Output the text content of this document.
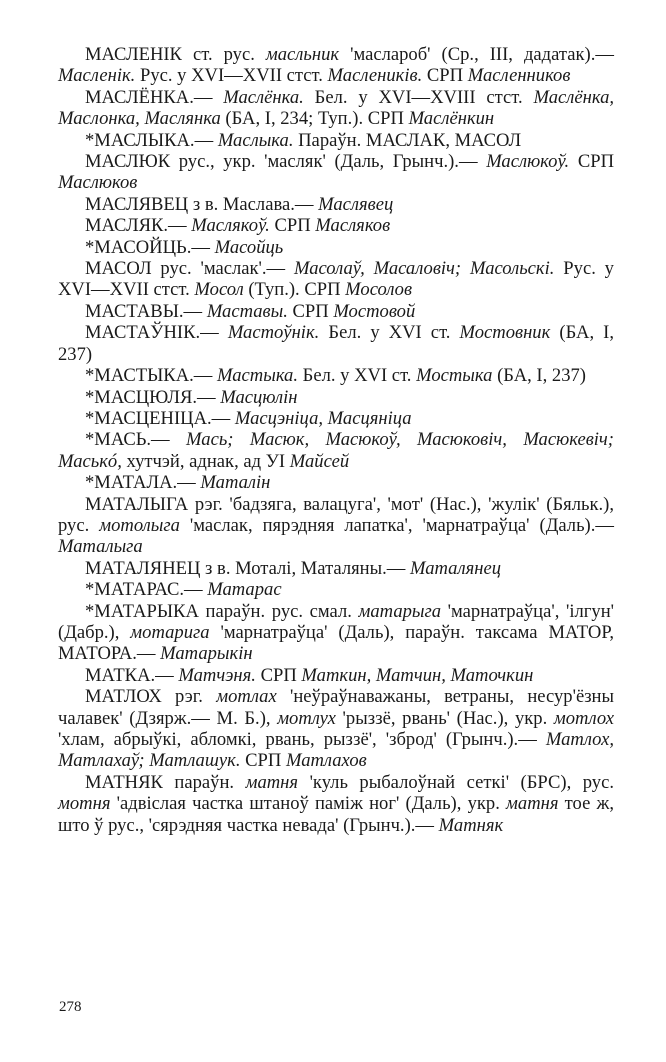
МАСЛЕНІК ст. рус. масльник 'маслароб' (Ср., III, дадатак).— Масленік. Рус. у XVI—XVII стст. Маслеників. СРП Масленников

МАСЛЁНКА.— Маслёнка. Бел. у XVI—XVIII стст. Маслёнка, Маслонка, Маслянка (БА, I, 234; Туп.). СРП Маслёнкин

*МАСЛЫКА.— Маслыка. Параўн. МАСЛАК, МАСОЛ

МАСЛЮК рус., укр. 'масляк' (Даль, Грынч.).— Маслюкоў. СРП Маслюков

МАСЛЯВЕЦ з в. Маслава.— Маслявец

МАСЛЯК.— Маслякоў. СРП Масляков

*МАСОЙЦЬ.— Масойць

МАСОЛ рус. 'маслак'.— Масолаў, Масаловіч; Масольскі. Рус. у XVI—XVII стст. Мосол (Туп.). СРП Мосолов

МАСТАВЫ.— Маставы. СРП Мостовой

МАСТАЎНІК.— Мастоўнік. Бел. у XVI ст. Мостовник (БА, I, 237)

*МАСТЫКА.— Мастыка. Бел. у XVI ст. Мостыка (БА, I, 237)

*МАСЦЮЛЯ.— Масцюлін

*МАСЦЕНІЦА.— Масцэніца, Масцяніца

*МАСЬ.— Мась; Масюк, Масюкоў, Масюковіч, Масюкевіч; Маськó, хутчэй, аднак, ад УІ Майсей

*МАТАЛА.— Маталін

МАТАЛЫГА рэг. 'бадзяга, валацуга', 'мот' (Нас.), 'жулік' (Бяльк.), рус. мотолыга 'маслак, пярэдняя лапатка', 'марнатраўца' (Даль).— Маталыга

МАТАЛЯНЕЦ з в. Моталі, Маталяны.— Маталянец

*МАТАРАС.— Матарас

*МАТАРЫКА параўн. рус. смал. матарыга 'марнатраўца', 'ілгун' (Дабр.), мотарига 'марнатраўца' (Даль), параўн. таксама МАТОР, МАТОРА.— Матарыкін

МАТКА.— Матчэня. СРП Маткин, Матчин, Маточкин

МАТЛОХ рэг. мотлах 'неўраўнаважаны, ветраны, несур'ёзны чалавек' (Дзярж.— М. Б.), мотлух 'рыззё, рвань' (Нас.), укр. мотлох 'хлам, абрыўкі, абломкі, рвань, рыззё', 'зброд' (Грынч.).— Матлох, Матлахаў; Матлашук. СРП Матлахов

МАТНЯК параўн. матня 'куль рыбалоўнай сеткі' (БРС), рус. мотня 'адвіслая частка штаноў паміж ног' (Даль), укр. матня тое ж, што ў рус., 'сярэдняя частка невада' (Грынч.).— Матняк

278
